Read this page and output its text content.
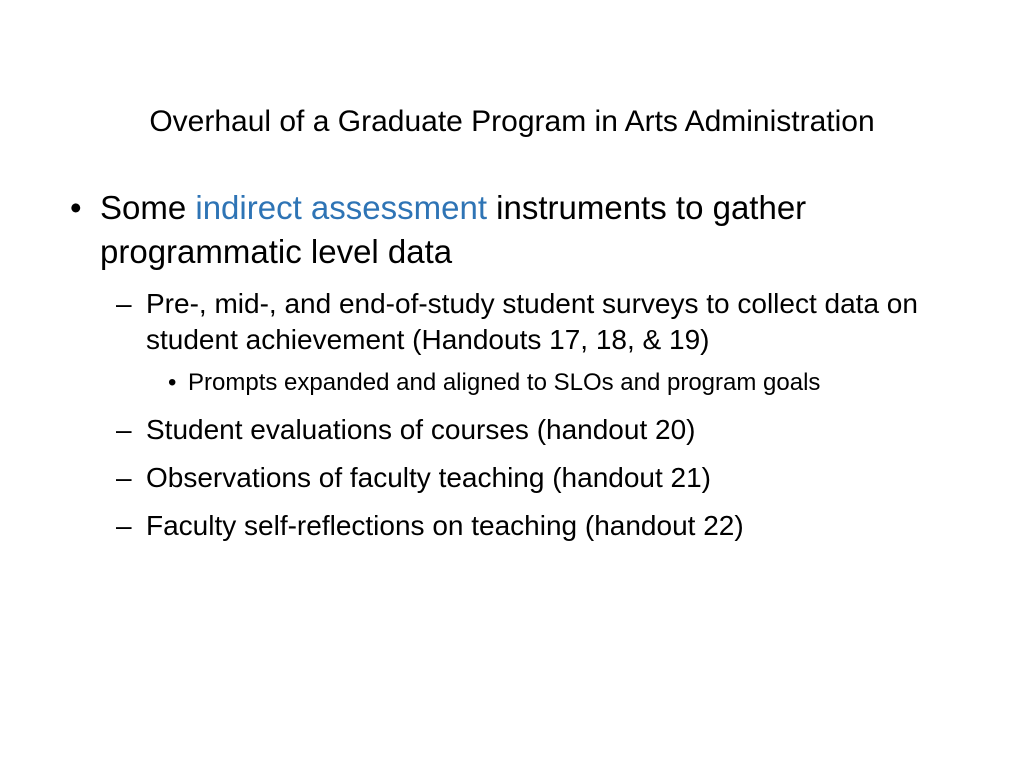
Overhaul of a Graduate Program in Arts Administration
• Some indirect assessment instruments to gather programmatic level data
– Pre-, mid-, and end-of-study student surveys to collect data on student achievement (Handouts 17, 18, & 19)
• Prompts expanded and aligned to SLOs and program goals
– Student evaluations of courses (handout 20)
– Observations of faculty teaching (handout 21)
– Faculty self-reflections on teaching (handout 22)
